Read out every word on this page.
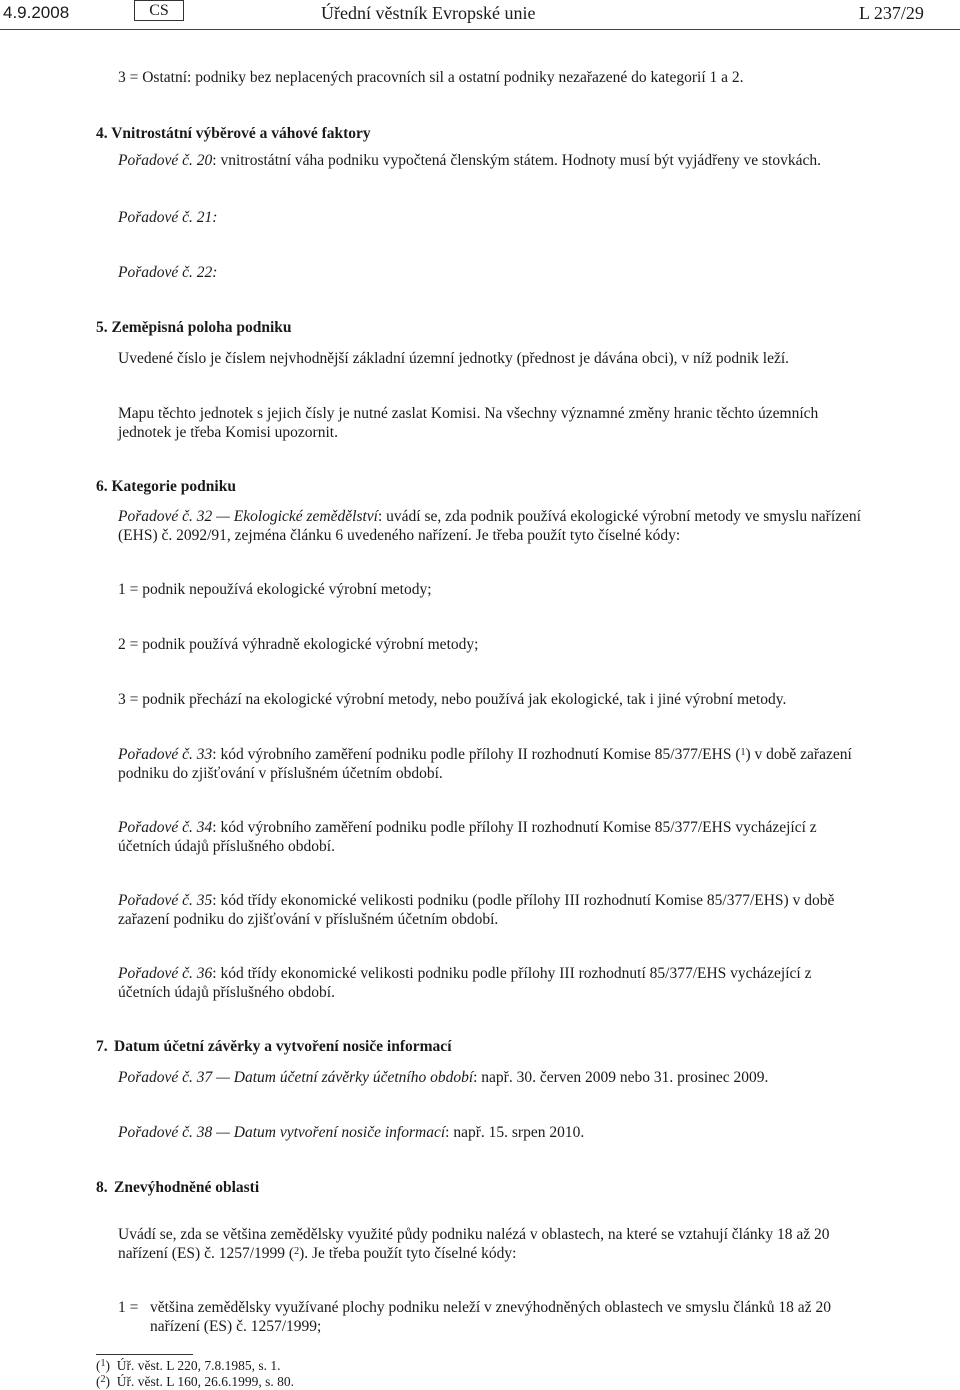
4.9.2008	CS	Úřední věstník Evropské unie	L 237/29

3 = Ostatní: podniky bez neplacených pracovních sil a ostatní podniky nezařazené do kategorií 1 a 2.

4. Vnitrostátní výběrové a váhové faktory

Pořadové č. 20: vnitrostátní váha podniku vypočtená členským státem. Hodnoty musí být vyjádřeny ve stovkách.

Pořadové č. 21:

Pořadové č. 22:

5. Zeměpisná poloha podniku

Uvedené číslo je číslem nejvhodnější základní územní jednotky (přednost je dávána obci), v níž podnik leží.

Mapu těchto jednotek s jejich čísly je nutné zaslat Komisi. Na všechny významné změny hranic těchto územních jednotek je třeba Komisi upozornit.

6. Kategorie podniku

Pořadové č. 32 — Ekologické zemědělství: uvádí se, zda podnik používá ekologické výrobní metody ve smyslu nařízení (EHS) č. 2092/91, zejména článku 6 uvedeného nařízení. Je třeba použít tyto číselné kódy:

1 = podnik nepoužívá ekologické výrobní metody;

2 = podnik používá výhradně ekologické výrobní metody;

3 = podnik přechází na ekologické výrobní metody, nebo používá jak ekologické, tak i jiné výrobní metody.

Pořadové č. 33: kód výrobního zaměření podniku podle přílohy II rozhodnutí Komise 85/377/EHS ($^1$) v době zařazení podniku do zjišťování v příslušném účetním období.

Pořadové č. 34: kód výrobního zaměření podniku podle přílohy II rozhodnutí Komise 85/377/EHS vycházející z účetních údajů příslušného období.

Pořadové č. 35: kód třídy ekonomické velikosti podniku (podle přílohy III rozhodnutí Komise 85/377/EHS) v době zařazení podniku do zjišťování v příslušném účetním období.

Pořadové č. 36: kód třídy ekonomické velikosti podniku podle přílohy III rozhodnutí 85/377/EHS vycházející z účetních údajů příslušného období.

7. Datum účetní závěrky a vytvoření nosiče informací

Pořadové č. 37 — Datum účetní závěrky účetního období: např. 30. červen 2009 nebo 31. prosinec 2009.

Pořadové č. 38 — Datum vytvoření nosiče informací: např. 15. srpen 2010.

8. Znevýhodněné oblasti

Uvádí se, zda se většina zemědělsky využité půdy podniku nalézá v oblastech, na které se vztahují články 18 až 20 nařízení (ES) č. 1257/1999 ($^2$). Je třeba použít tyto číselné kódy:

1 = většina zemědělsky využívané plochy podniku neleží v znevýhodněných oblastech ve smyslu článků 18 až 20 nařízení (ES) č. 1257/1999;

($^1$)  Úř. věst. L 220, 7.8.1985, s. 1.

($^2$)  Úř. věst. L 160, 26.6.1999, s. 80.
